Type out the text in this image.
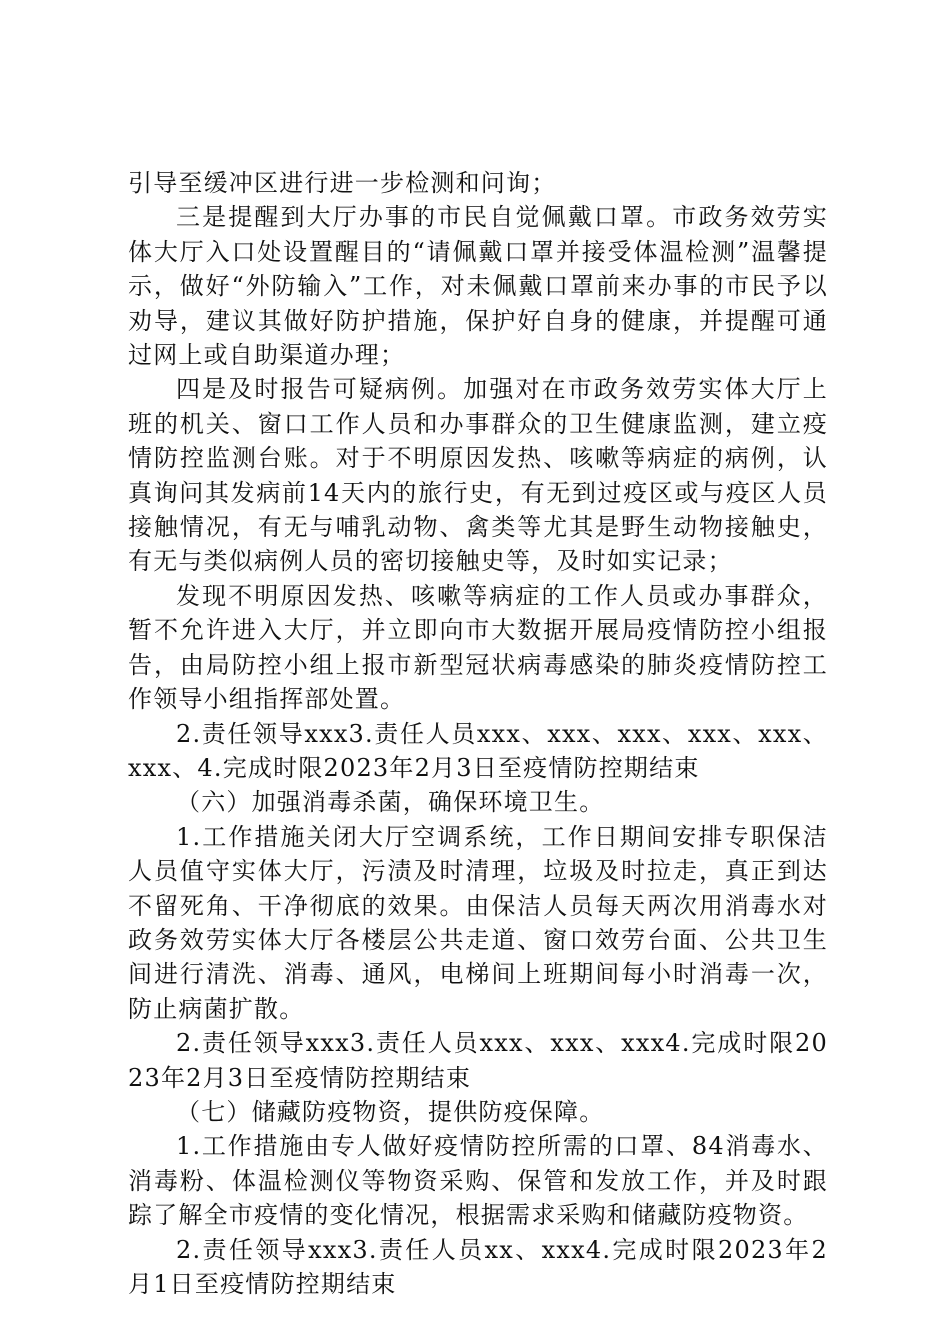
引导至缓冲区进行进一步检测和问询；

三是提醒到大厅办事的市民自觉佩戴口罩。市政务效劳实体大厅入口处设置醒目的“请佩戴口罩并接受体温检测”温馨提示，做好“外防输入”工作，对未佩戴口罩前来办事的市民予以劝导，建议其做好防护措施，保护好自身的健康，并提醒可通过网上或自助渠道办理；

四是及时报告可疑病例。加强对在市政务效劳实体大厅上班的机关、窗口工作人员和办事群众的卫生健康监测，建立疫情防控监测台账。对于不明原因发热、咳嗽等病症的病例，认真询问其发病前14天内的旅行史，有无到过疫区或与疫区人员接触情况，有无与哺乳动物、禽类等尤其是野生动物接触史，有无与类似病例人员的密切接触史等，及时如实记录；

发现不明原因发热、咳嗽等病症的工作人员或办事群众，暂不允许进入大厅，并立即向市大数据开展局疫情防控小组报告，由局防控小组上报市新型冠状病毒感染的肺炎疫情防控工作领导小组指挥部处置。

2.责任领导xxx3.责任人员xxx、xxx、xxx、xxx、xxx、xxx、4.完成时限2023年2月3日至疫情防控期结束

（六）加强消毒杀菌，确保环境卫生。

1.工作措施关闭大厅空调系统，工作日期间安排专职保洁人员值守实体大厅，污渍及时清理，垃圾及时拉走，真正到达不留死角、干净彻底的效果。由保洁人员每天两次用消毒水对政务效劳实体大厅各楼层公共走道、窗口效劳台面、公共卫生间进行清洗、消毒、通风，电梯间上班期间每小时消毒一次，防止病菌扩散。

2.责任领导xxx3.责任人员xxx、xxx、xxx4.完成时限2023年2月3日至疫情防控期结束

（七）储藏防疫物资，提供防疫保障。

1.工作措施由专人做好疫情防控所需的口罩、84消毒水、消毒粉、体温检测仪等物资采购、保管和发放工作，并及时跟踪了解全市疫情的变化情况，根据需求采购和储藏防疫物资。

2.责任领导xxx3.责任人员xx、xxx4.完成时限2023年2月1日至疫情防控期结束
